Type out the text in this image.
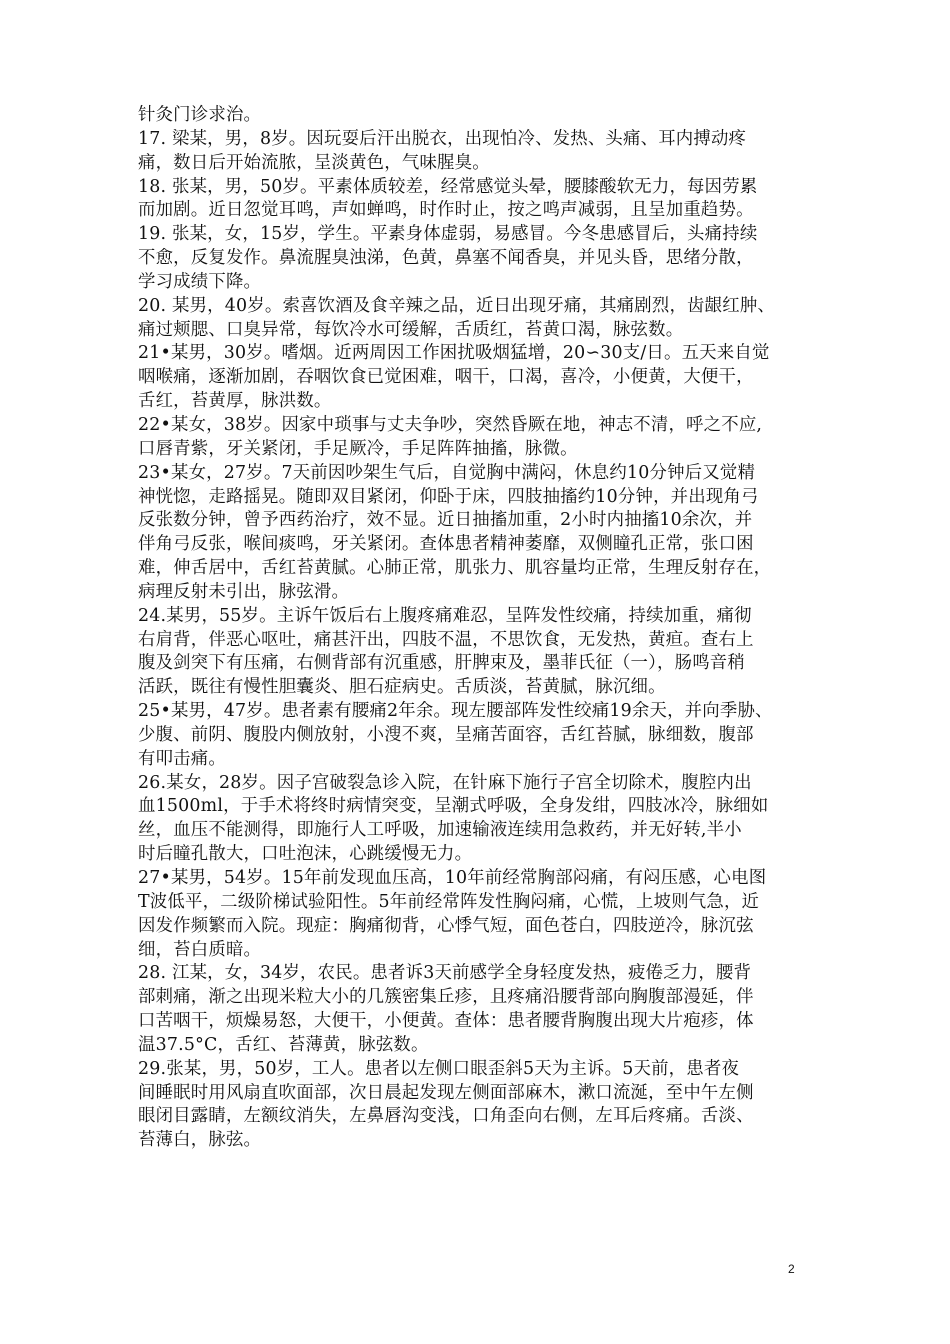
针灸门诊求治。
17. 梁某，男，8岁。因玩耍后汗出脱衣，出现怕冷、发热、头痛、耳内搏动疼
痛，数日后开始流脓，呈淡黄色，气味腥臭。
18. 张某，男，50岁。平素体质较差，经常感觉头晕，腰膝酸软无力，每因劳累
而加剧。近日忽觉耳鸣，声如蝉鸣，时作时止，按之鸣声减弱，且呈加重趋势。
19. 张某，女，15岁，学生。平素身体虚弱，易感冒。今冬患感冒后，头痛持续
不愈，反复发作。鼻流腥臭浊涕，色黄，鼻塞不闻香臭，并见头昏，思绪分散，
学习成绩下降。
20. 某男，40岁。索喜饮酒及食辛辣之品，近日出现牙痛，其痛剧烈，齿龈红肿、
痛过颊腮、口臭异常，每饮冷水可缓解，舌质红，苔黄口渴，脉弦数。
21•某男，30岁。嗜烟。近两周因工作困扰吸烟猛增，20∽30支/日。五天来自觉
咽喉痛，逐渐加剧，吞咽饮食已觉困难，咽干，口渴，喜冷，小便黄，大便干，
舌红，苔黄厚，脉洪数。
22•某女，38岁。因家中琐事与丈夫争吵，突然昏厥在地，神志不清，呼之不应,
口唇青紫，牙关紧闭，手足厥冷，手足阵阵抽搐，脉微。
23•某女，27岁。7天前因吵架生气后，自觉胸中满闷，休息约10分钟后又觉精
神恍惚，走路摇晃。随即双目紧闭，仰卧于床，四肢抽搐约10分钟，并出现角弓
反张数分钟，曾予西药治疗，效不显。近日抽搐加重，2小时内抽搐10余次，并
伴角弓反张，喉间痰鸣，牙关紧闭。查体患者精神萎靡，双侧瞳孔正常，张口困
难，伸舌居中，舌红苔黄腻。心肺正常，肌张力、肌容量均正常，生理反射存在，
病理反射未引出，脉弦滑。
24.某男，55岁。主诉午饭后右上腹疼痛难忍，呈阵发性绞痛，持续加重，痛彻
右肩背，伴恶心呕吐，痛甚汗出，四肢不温，不思饮食，无发热，黄疸。查右上
腹及剑突下有压痛，右侧背部有沉重感，肝脾束及，墨菲氏征（一），肠鸣音稍
活跃，既往有慢性胆囊炎、胆石症病史。舌质淡，苔黄腻，脉沉细。
25•某男，47岁。患者素有腰痛2年余。现左腰部阵发性绞痛19余天，并向季胁、
少腹、前阴、腹股内侧放射，小溲不爽，呈痛苦面容，舌红苔腻，脉细数，腹部
有叩击痛。
26.某女，28岁。因子宫破裂急诊入院，在针麻下施行子宫全切除术，腹腔内出
血1500ml，于手术将终时病情突变，呈潮式呼吸，全身发绀，四肢冰冷，脉细如
丝，血压不能测得，即施行人工呼吸，加速输液连续用急救药，并无好转,半小
时后瞳孔散大，口吐泡沫，心跳缓慢无力。
27•某男，54岁。15年前发现血压高，10年前经常胸部闷痛，有闷压感，心电图
T波低平，二级阶梯试验阳性。5年前经常阵发性胸闷痛，心慌，上坡则气急，近
因发作频繁而入院。现症：胸痛彻背，心悸气短，面色苍白，四肢逆冷，脉沉弦
细，苔白质暗。
28. 江某，女，34岁，农民。患者诉3天前感学全身轻度发热，疲倦乏力，腰背
部刺痛，渐之出现米粒大小的几簇密集丘疹，且疼痛沿腰背部向胸腹部漫延，伴
口苦咽干，烦燥易怒，大便干，小便黄。查体：患者腰背胸腹出现大片疱疹，体
温37.5°C，舌红、苔薄黄，脉弦数。
29.张某，男，50岁，工人。患者以左侧口眼歪斜5天为主诉。5天前，患者夜
间睡眠时用风扇直吹面部，次日晨起发现左侧面部麻木，漱口流涎，至中午左侧
眼闭目露睛，左额纹消失，左鼻唇沟变浅，口角歪向右侧，左耳后疼痛。舌淡、
苔薄白，脉弦。
2
